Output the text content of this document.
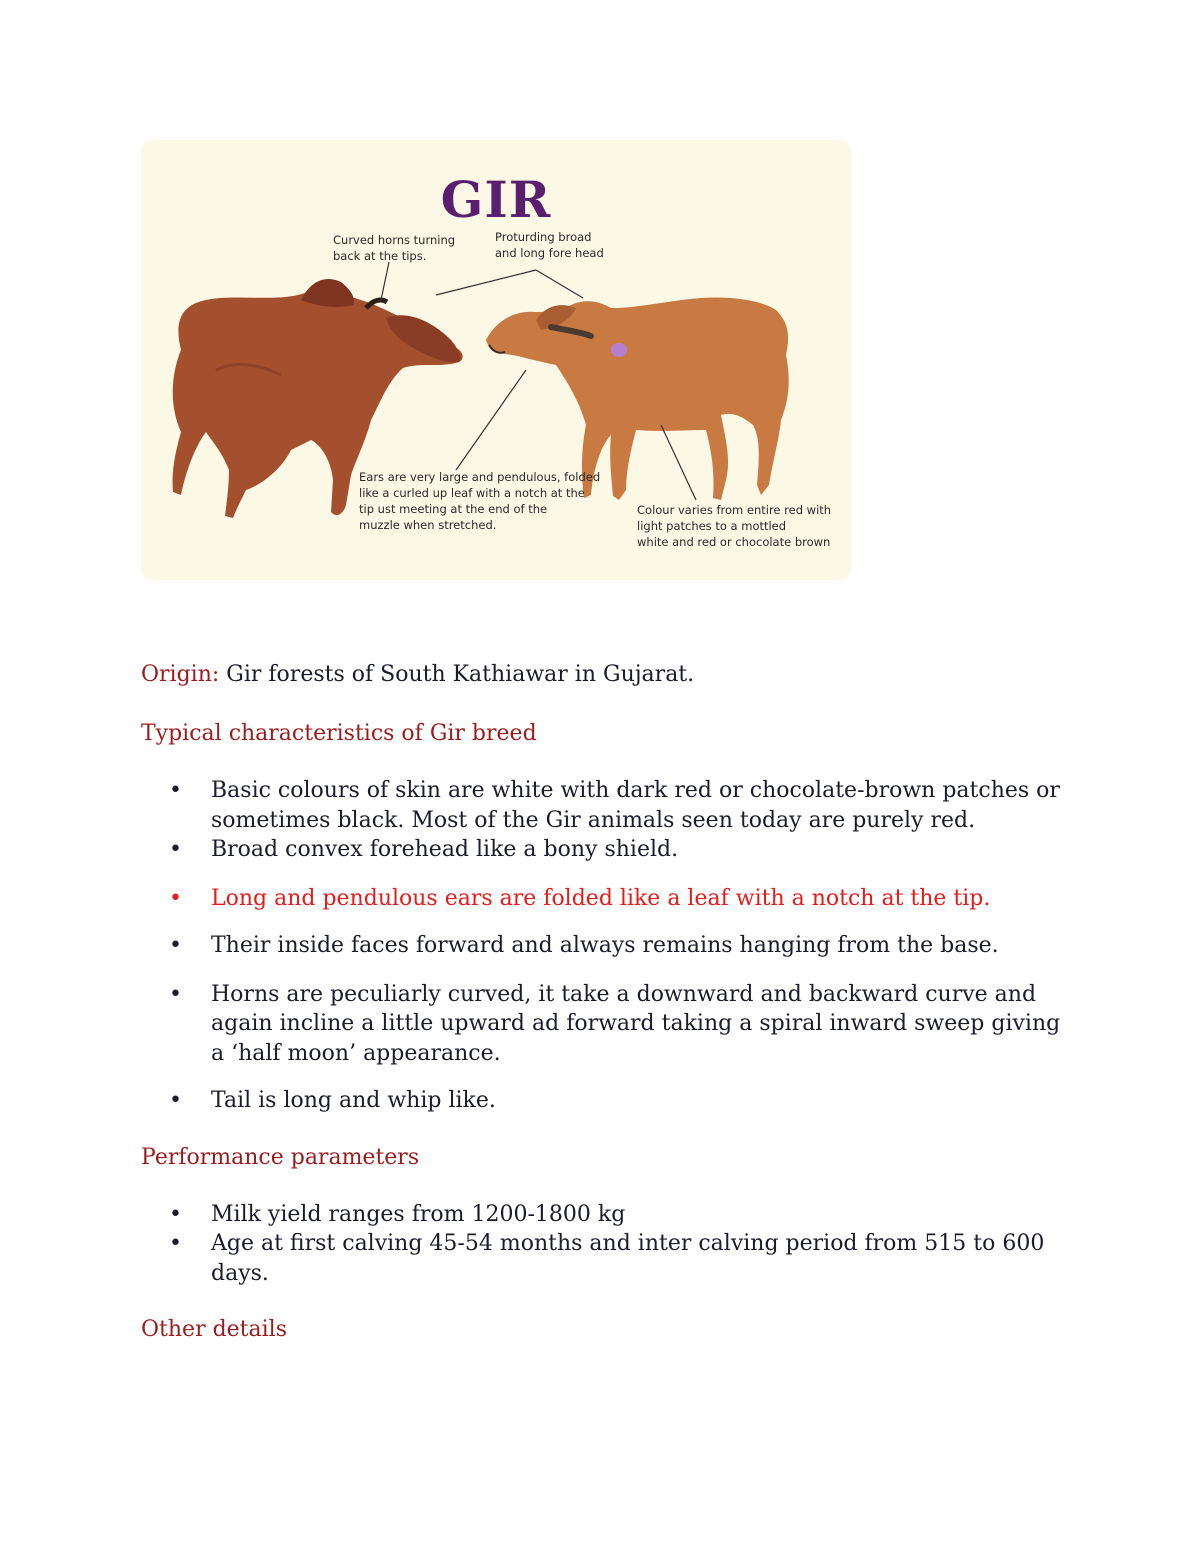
GIR
Curved horns turning
back at the tips.
Proturding broad
and long fore head
Ears are very large and pendulous, folded
like a curled up leaf with a notch at the
tip ust meeting at the end of the
muzzle when stretched.
Colour varies from entire red with
light patches to a mottled
white and red or chocolate brown

Origin: Gir forests of South Kathiawar in Gujarat.

Typical characteristics of Gir breed

• Basic colours of skin are white with dark red or chocolate-brown patches or sometimes black. Most of the Gir animals seen today are purely red.
• Broad convex forehead like a bony shield.
• Long and pendulous ears are folded like a leaf with a notch at the tip.
• Their inside faces forward and always remains hanging from the base.
• Horns are peculiarly curved, it take a downward and backward curve and again incline a little upward ad forward taking a spiral inward sweep giving a ‘half moon’ appearance.
• Tail is long and whip like.

Performance parameters

• Milk yield ranges from 1200-1800 kg
• Age at first calving 45-54 months and inter calving period from 515 to 600 days.

Other details
